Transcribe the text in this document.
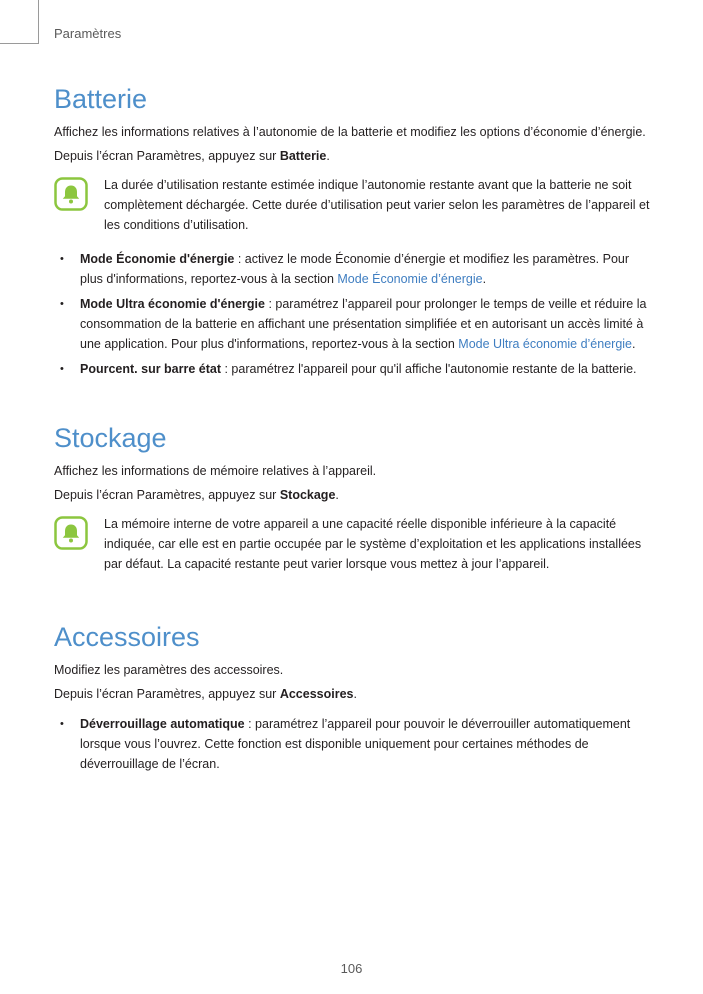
Paramètres
Batterie

Affichez les informations relatives à l’autonomie de la batterie et modifiez les options d’économie d’énergie.

Depuis l’écran Paramètres, appuyez sur Batterie.

La durée d’utilisation restante estimée indique l’autonomie restante avant que la batterie ne soit complètement déchargée. Cette durée d’utilisation peut varier selon les paramètres de l’appareil et les conditions d’utilisation.
• Mode Économie d'énergie : activez le mode Économie d’énergie et modifiez les paramètres. Pour plus d'informations, reportez-vous à la section Mode Économie d’énergie.
• Mode Ultra économie d'énergie : paramétrez l’appareil pour prolonger le temps de veille et réduire la consommation de la batterie en affichant une présentation simplifiée et en autorisant un accès limité à une application. Pour plus d'informations, reportez-vous à la section Mode Ultra économie d’énergie.
• Pourcent. sur barre état : paramétrez l'appareil pour qu'il affiche l'autonomie restante de la batterie.
Stockage

Affichez les informations de mémoire relatives à l’appareil.

Depuis l’écran Paramètres, appuyez sur Stockage.

La mémoire interne de votre appareil a une capacité réelle disponible inférieure à la capacité indiquée, car elle est en partie occupée par le système d’exploitation et les applications installées par défaut. La capacité restante peut varier lorsque vous mettez à jour l’appareil.
Accessoires

Modifiez les paramètres des accessoires.

Depuis l’écran Paramètres, appuyez sur Accessoires.

• Déverrouillage automatique : paramétrez l’appareil pour pouvoir le déverrouiller automatiquement lorsque vous l’ouvrez. Cette fonction est disponible uniquement pour certaines méthodes de déverrouillage de l’écran.
106
